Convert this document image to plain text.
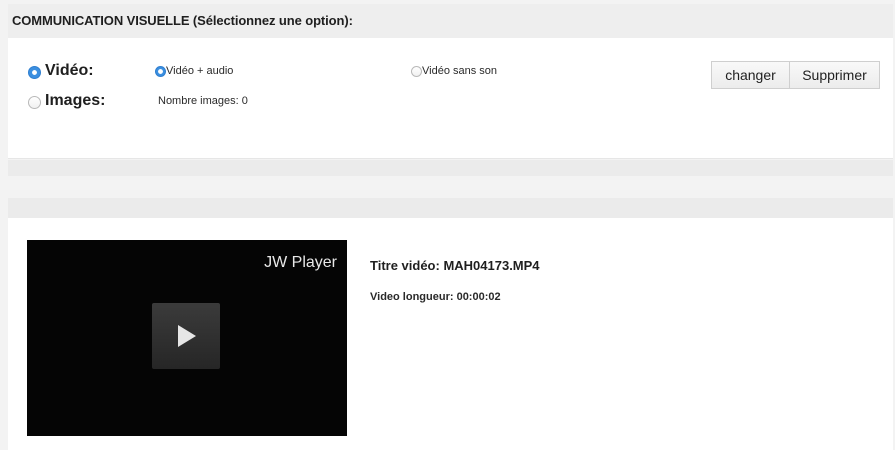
COMMUNICATION VISUELLE (Sélectionnez une option):
Vidéo:	Vidéo + audio	Vidéo sans son	changer	Supprimer
Images:	Nombre images: 0
JW Player	Titre vidéo: MAH04173.MP4
Video longueur: 00:00:02
